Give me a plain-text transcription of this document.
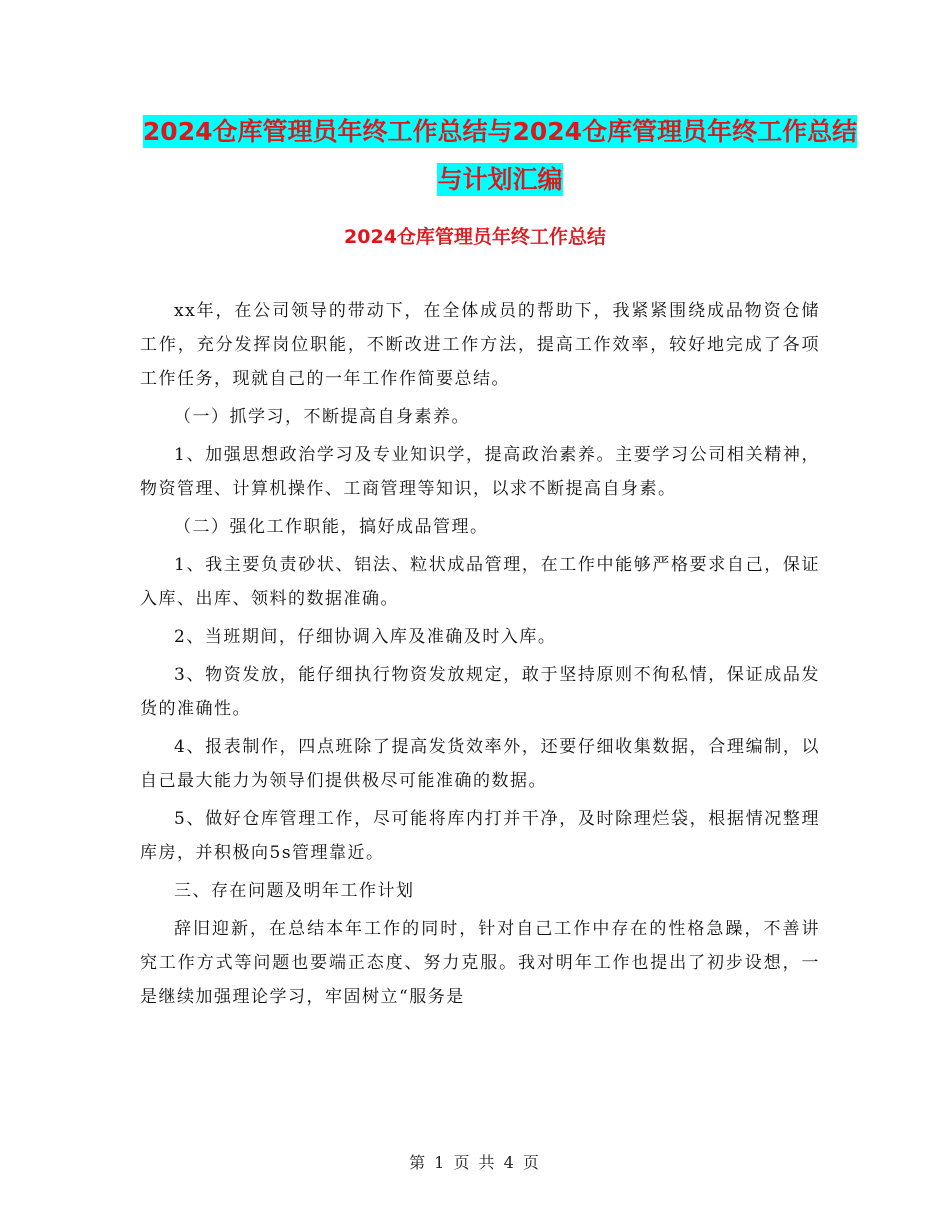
2024仓库管理员年终工作总结与2024仓库管理员年终工作总结与计划汇编
2024仓库管理员年终工作总结

xx年，在公司领导的带动下，在全体成员的帮助下，我紧紧围绕成品物资仓储工作，充分发挥岗位职能，不断改进工作方法，提高工作效率，较好地完成了各项工作任务，现就自己的一年工作作简要总结。

（一）抓学习，不断提高自身素养。

1、加强思想政治学习及专业知识学，提高政治素养。主要学习公司相关精神，物资管理、计算机操作、工商管理等知识，以求不断提高自身素。

（二）强化工作职能，搞好成品管理。

1、我主要负责砂状、铝法、粒状成品管理，在工作中能够严格要求自己，保证入库、出库、领料的数据准确。

2、当班期间，仔细协调入库及准确及时入库。

3、物资发放，能仔细执行物资发放规定，敢于坚持原则不徇私情，保证成品发货的准确性。

4、报表制作，四点班除了提高发货效率外，还要仔细收集数据，合理编制，以自己最大能力为领导们提供极尽可能准确的数据。

5、做好仓库管理工作，尽可能将库内打并干净，及时除理烂袋，根据情况整理库房，并积极向5s管理靠近。

三、存在问题及明年工作计划

辞旧迎新，在总结本年工作的同时，针对自己工作中存在的性格急躁，不善讲究工作方式等问题也要端正态度、努力克服。我对明年工作也提出了初步设想，一是继续加强理论学习，牢固树立“服务是

第 1 页 共 4 页
